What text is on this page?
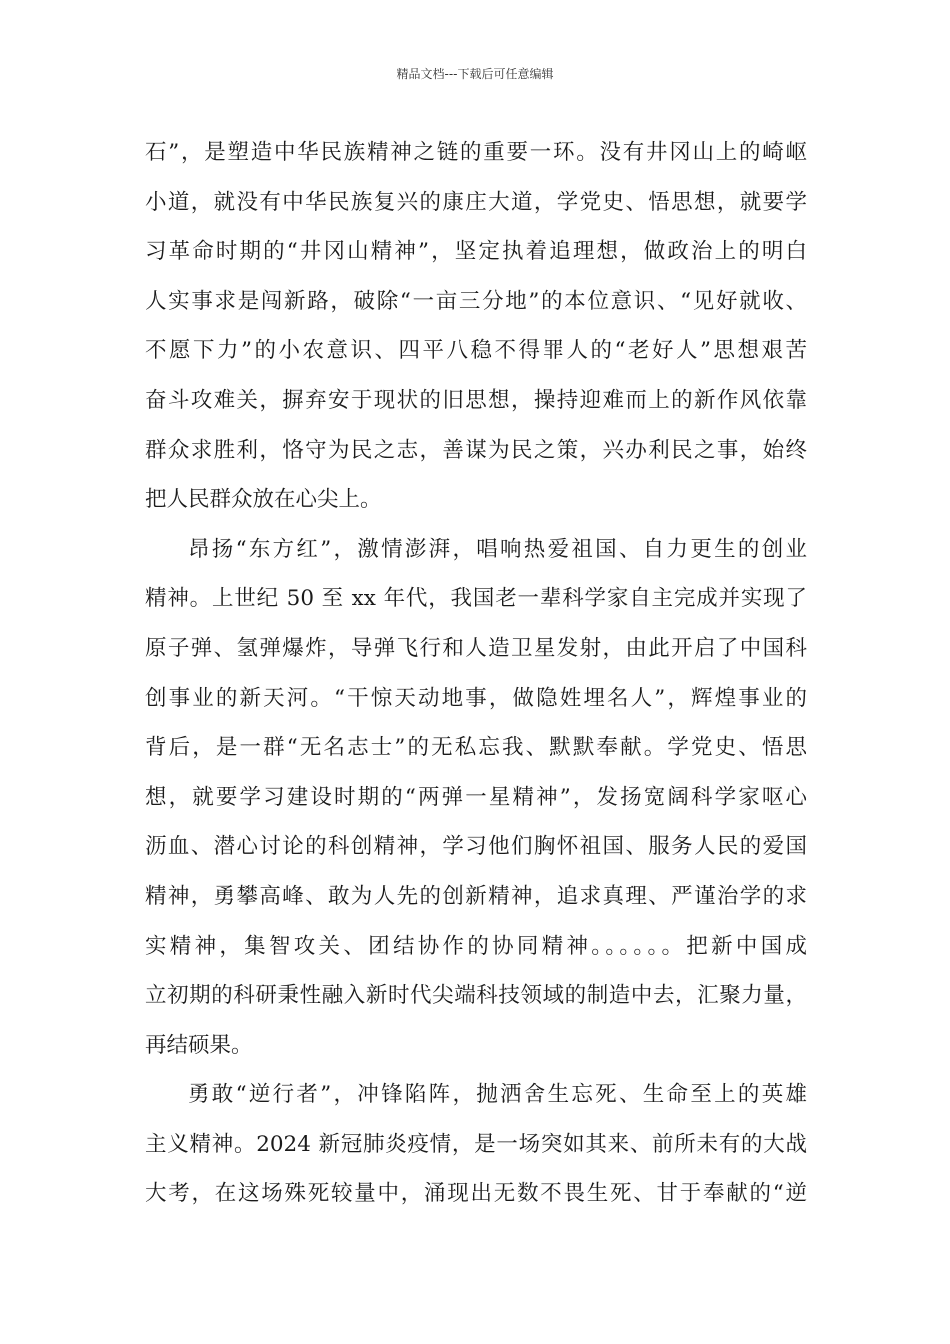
精品文档---下载后可任意编辑
石”，是塑造中华民族精神之链的重要一环。没有井冈山上的崎岖
小道，就没有中华民族复兴的康庄大道，学党史、悟思想，就要学
习革命时期的“井冈山精神”，坚定执着追理想，做政治上的明白
人实事求是闯新路，破除“一亩三分地”的本位意识、“见好就收、
不愿下力”的小农意识、四平八稳不得罪人的“老好人”思想艰苦
奋斗攻难关，摒弃安于现状的旧思想，操持迎难而上的新作风依靠
群众求胜利，恪守为民之志，善谋为民之策，兴办利民之事，始终
把人民群众放在心尖上。
昂扬“东方红”，激情澎湃，唱响热爱祖国、自力更生的创业
精神。上世纪 50 至 xx 年代，我国老一辈科学家自主完成并实现了
原子弹、氢弹爆炸，导弹飞行和人造卫星发射，由此开启了中国科
创事业的新天河。“干惊天动地事，做隐姓埋名人”，辉煌事业的
背后，是一群“无名志士”的无私忘我、默默奉献。学党史、悟思
想，就要学习建设时期的“两弹一星精神”，发扬宽阔科学家呕心
沥血、潜心讨论的科创精神，学习他们胸怀祖国、服务人民的爱国
精神，勇攀高峰、敢为人先的创新精神，追求真理、严谨治学的求
实精神，集智攻关、团结协作的协同精神。。。。。。把新中国成
立初期的科研秉性融入新时代尖端科技领域的制造中去，汇聚力量，
再结硕果。
勇敢“逆行者”，冲锋陷阵，抛洒舍生忘死、生命至上的英雄
主义精神。2024 新冠肺炎疫情，是一场突如其来、前所未有的大战
大考，在这场殊死较量中，涌现出无数不畏生死、甘于奉献的“逆
